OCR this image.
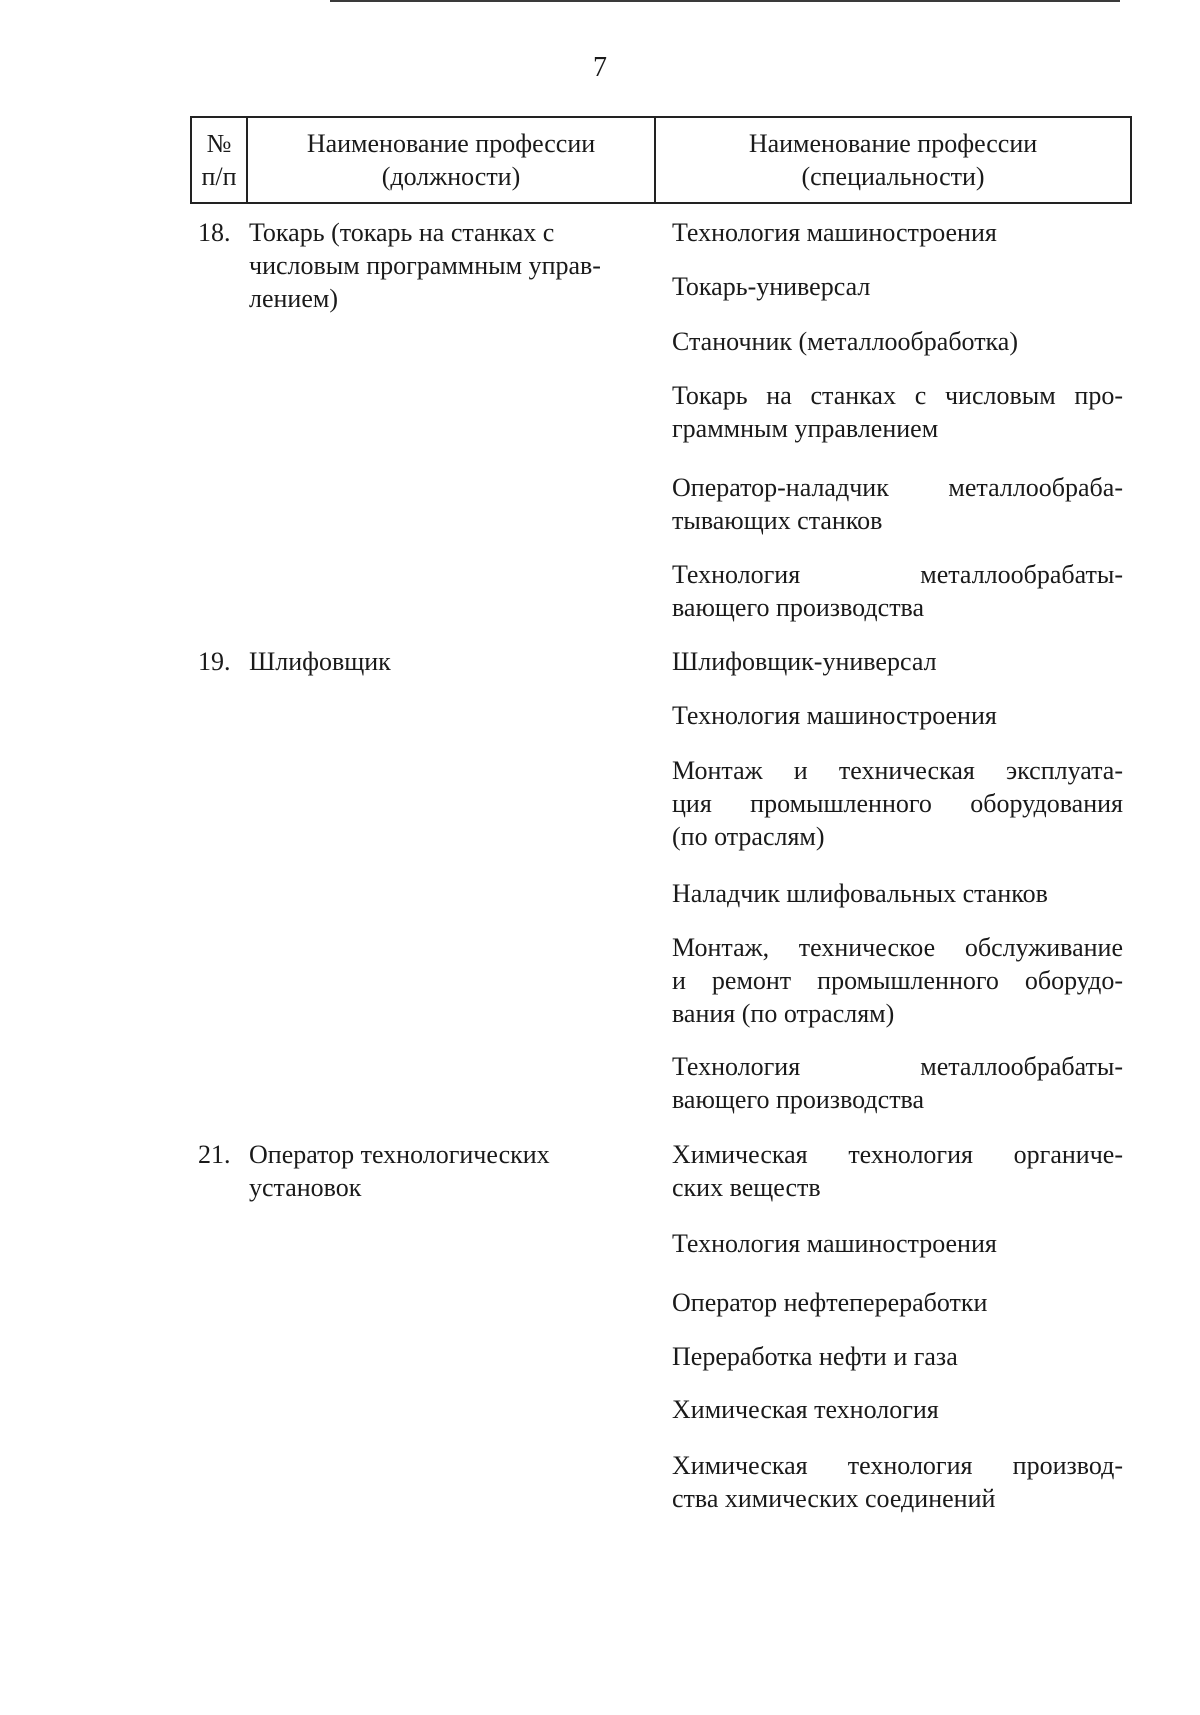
7
№
п/п
Наименование профессии
(должности)
Наименование профессии
(специальности)
18. Токарь (токарь на станках с
числовым программным управ-
лением)
Технология машиностроения
Токарь-универсал
Станочник (металлообработка)
Токарь на станках с числовым про-
граммным управлением
Оператор-наладчик металлообраба-
тывающих станков
Технология металлообрабаты-
вающего производства
19. Шлифовщик	Шлифовщик-универсал
Технология машиностроения
Монтаж и техническая эксплуата-
ция промышленного оборудования
(по отраслям)
Наладчик шлифовальных станков
Монтаж, техническое обслуживание
и ремонт промышленного оборудо-
вания (по отраслям)
Технология металлообрабаты-
вающего производства
21. Оператор технологических
установок
Химическая технология органиче-
ских веществ
Технология машиностроения
Оператор нефтепереработки
Переработка нефти и газа
Химическая технология
Химическая технология производ-
ства химических соединений
